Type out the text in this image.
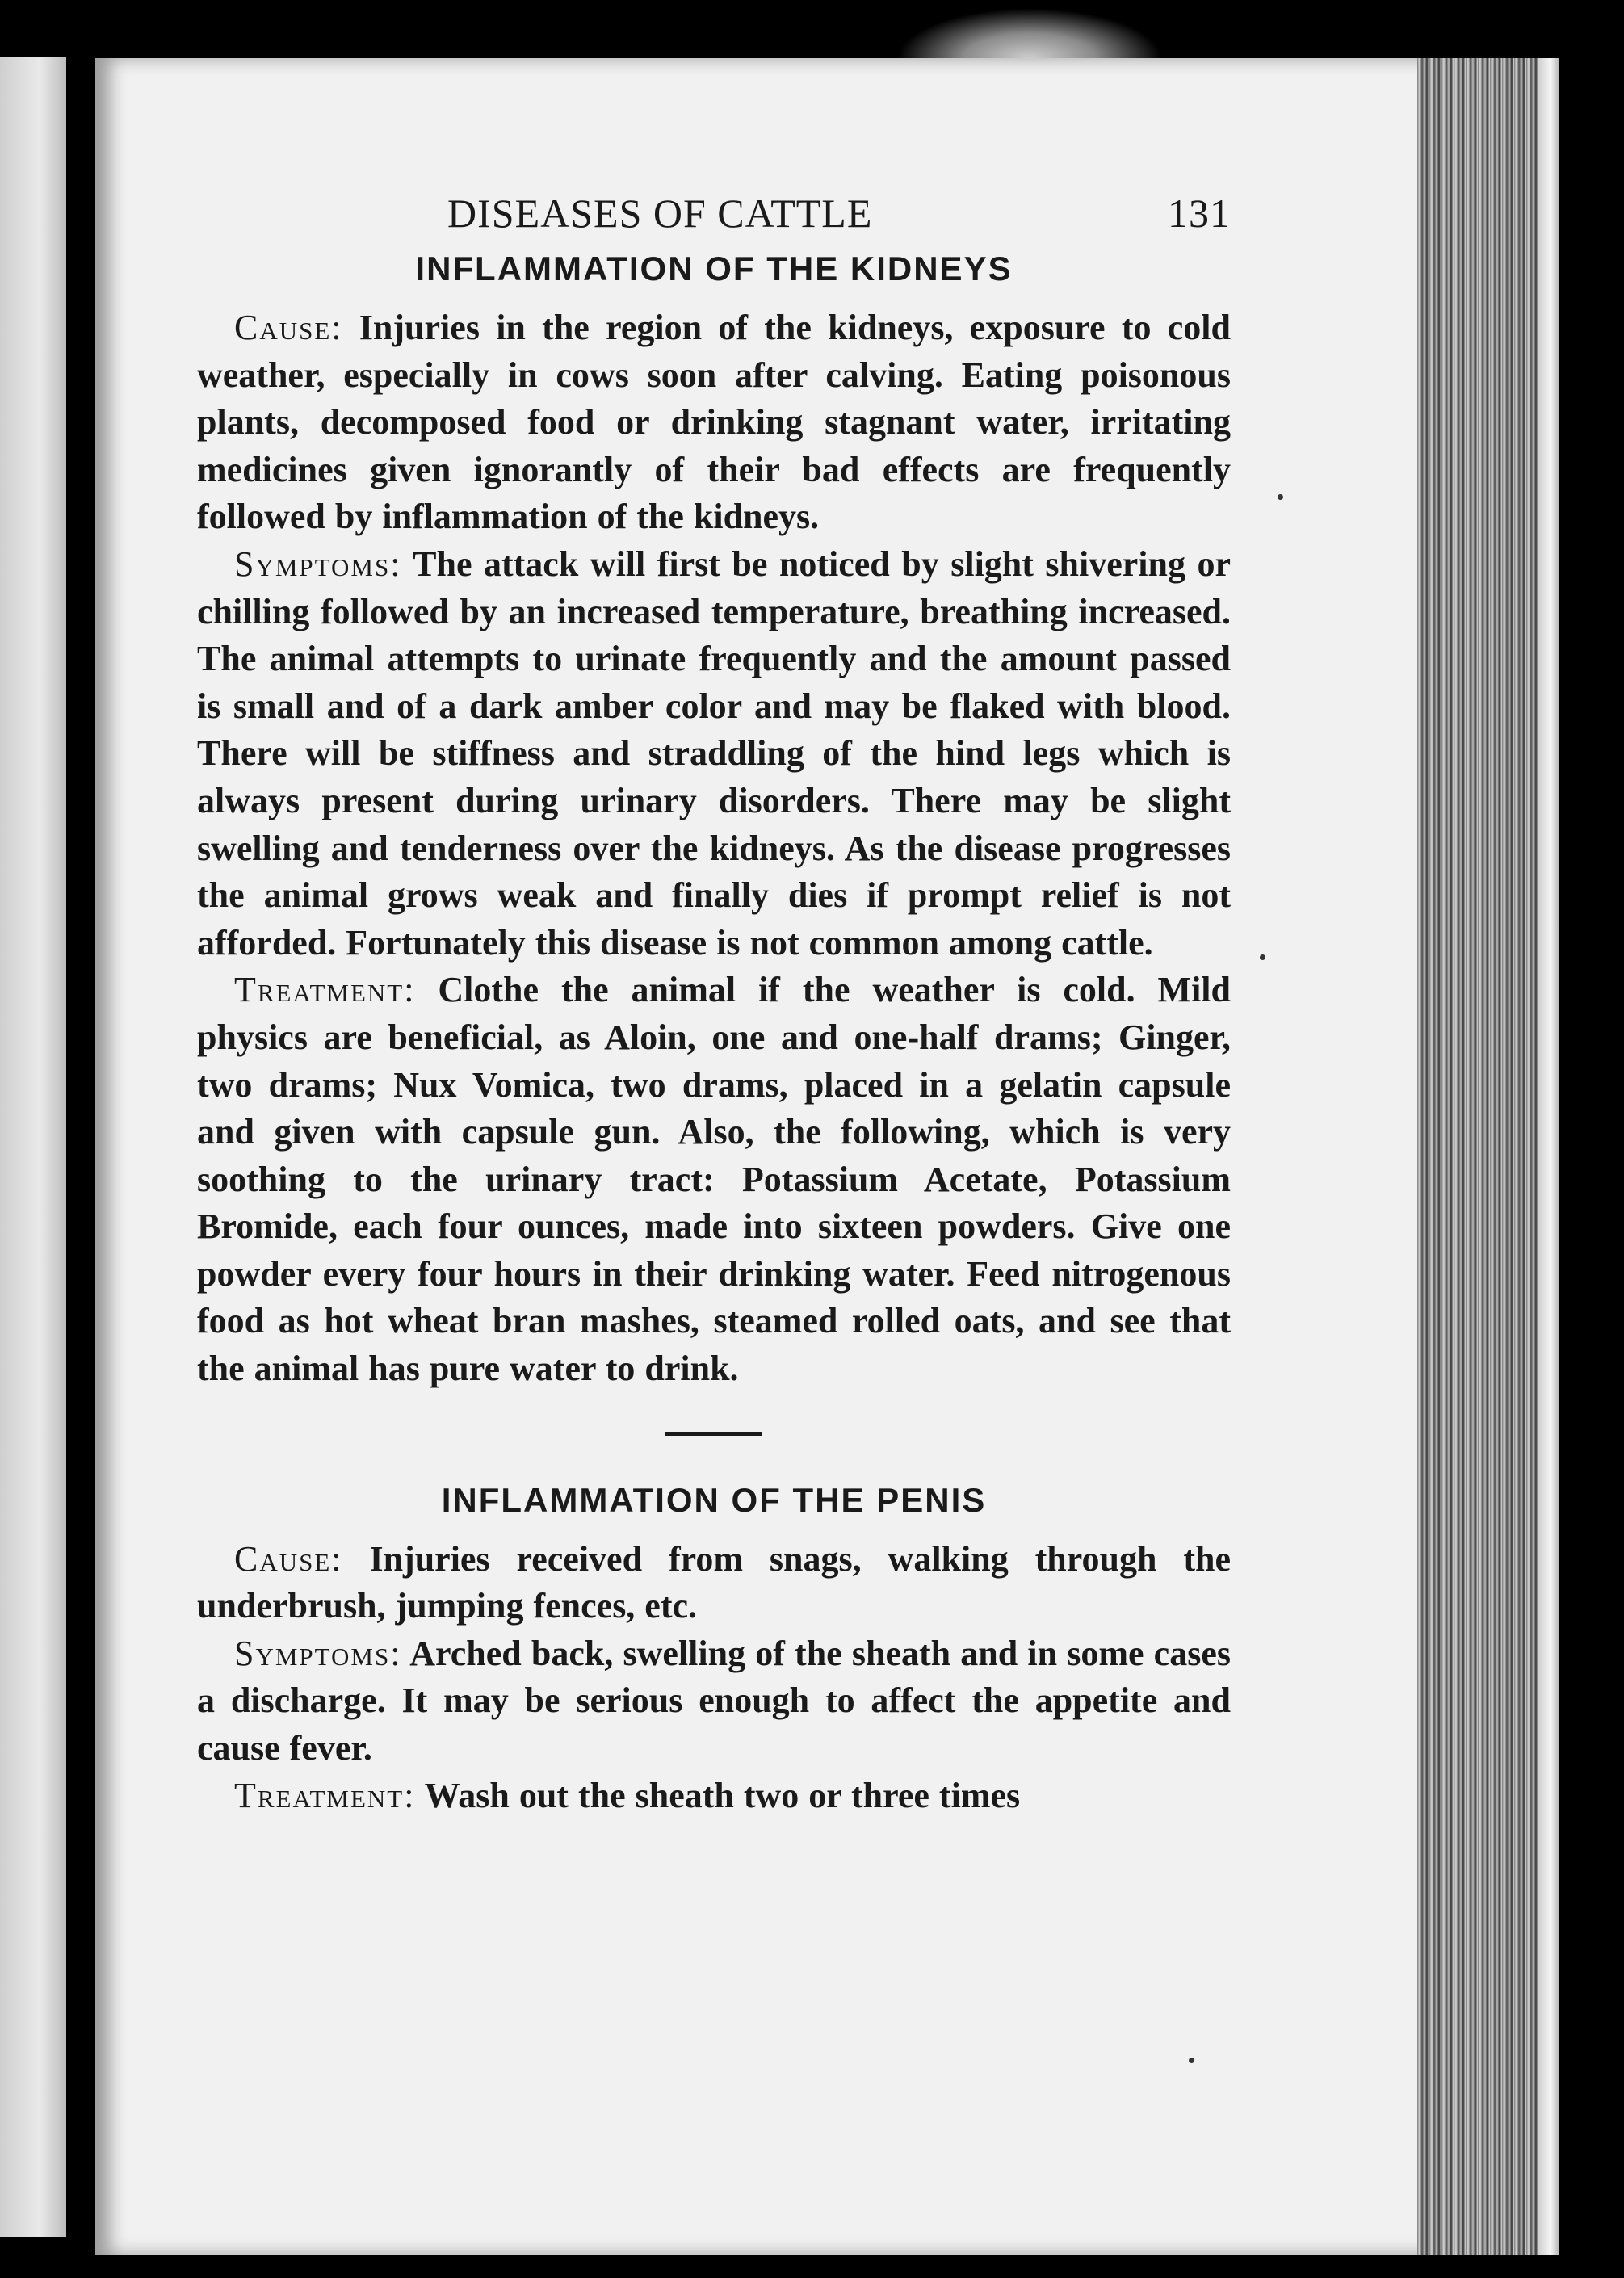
DISEASES OF CATTLE	131
INFLAMMATION OF THE KIDNEYS

Cause: Injuries in the region of the kidneys, exposure to cold weather, especially in cows soon after calving. Eating poisonous plants, decomposed food or drinking stagnant water, irritating medicines given ignorantly of their bad effects are frequently followed by inflammation of the kidneys.

Symptoms: The attack will first be noticed by slight shivering or chilling followed by an increased temperature, breathing increased. The animal attempts to urinate frequently and the amount passed is small and of a dark amber color and may be flaked with blood. There will be stiffness and straddling of the hind legs which is always present during urinary disorders. There may be slight swelling and tenderness over the kidneys. As the disease progresses the animal grows weak and finally dies if prompt relief is not afforded. Fortunately this disease is not common among cattle.

Treatment: Clothe the animal if the weather is cold. Mild physics are beneficial, as Aloin, one and one-half drams; Ginger, two drams; Nux Vomica, two drams, placed in a gelatin capsule and given with capsule gun. Also, the following, which is very soothing to the urinary tract: Potassium Acetate, Potassium Bromide, each four ounces, made into sixteen powders. Give one powder every four hours in their drinking water. Feed nitrogenous food as hot wheat bran mashes, steamed rolled oats, and see that the animal has pure water to drink.

INFLAMMATION OF THE PENIS

Cause: Injuries received from snags, walking through the underbrush, jumping fences, etc.

Symptoms: Arched back, swelling of the sheath and in some cases a discharge. It may be serious enough to affect the appetite and cause fever.

Treatment: Wash out the sheath two or three times
